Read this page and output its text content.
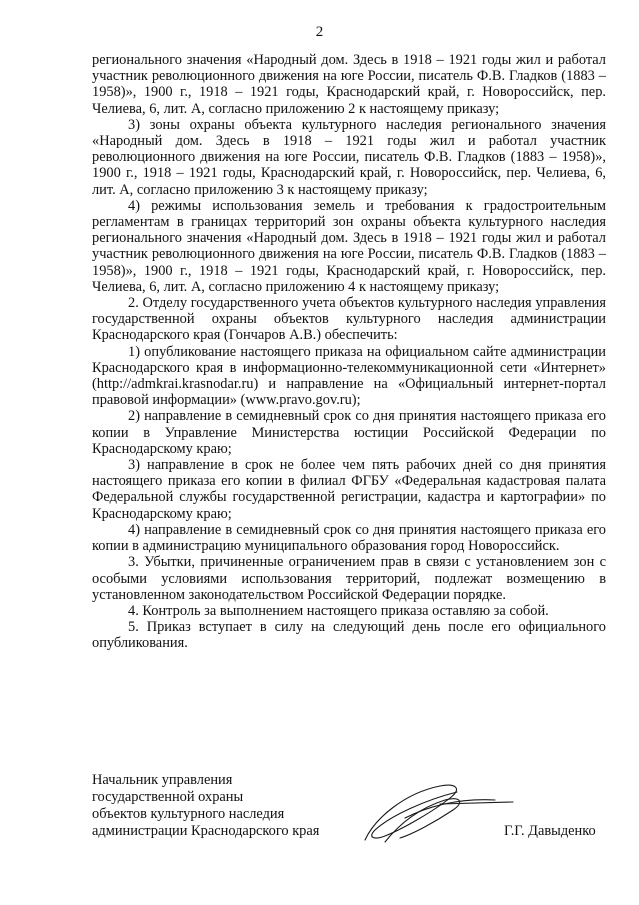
2

регионального значения «Народный дом. Здесь в 1918 – 1921 годы жил и работал участник революционного движения на юге России, писатель Ф.В. Гладков (1883 – 1958)», 1900 г., 1918 – 1921 годы, Краснодарский край, г. Новороссийск, пер. Челиева, 6, лит. А, согласно приложению 2 к настоящему приказу;

3) зоны охраны объекта культурного наследия регионального значения «Народный дом. Здесь в 1918 – 1921 годы жил и работал участник революционного движения на юге России, писатель Ф.В. Гладков (1883 – 1958)», 1900 г., 1918 – 1921 годы, Краснодарский край, г. Новороссийск, пер. Челиева, 6, лит. А, согласно приложению 3 к настоящему приказу;

4) режимы использования земель и требования к градостроительным регламентам в границах территорий зон охраны объекта культурного наследия регионального значения «Народный дом. Здесь в 1918 – 1921 годы жил и работал участник революционного движения на юге России, писатель Ф.В. Гладков (1883 – 1958)», 1900 г., 1918 – 1921 годы, Краснодарский край, г. Новороссийск, пер. Челиева, 6, лит. А, согласно приложению 4 к настоящему приказу;

2. Отделу государственного учета объектов культурного наследия управления государственной охраны объектов культурного наследия администрации Краснодарского края (Гончаров А.В.) обеспечить:

1) опубликование настоящего приказа на официальном сайте администрации Краснодарского края в информационно-телекоммуникационной сети «Интернет» (http://admkrai.krasnodar.ru) и направление на «Официальный интернет-портал правовой информации» (www.pravo.gov.ru);

2) направление в семидневный срок со дня принятия настоящего приказа его копии в Управление Министерства юстиции Российской Федерации по Краснодарскому краю;

3) направление в срок не более чем пять рабочих дней со дня принятия настоящего приказа его копии в филиал ФГБУ «Федеральная кадастровая палата Федеральной службы государственной регистрации, кадастра и картографии» по Краснодарскому краю;

4) направление в семидневный срок со дня принятия настоящего приказа его копии в администрацию муниципального образования город Новороссийск.

3. Убытки, причиненные ограничением прав в связи с установлением зон с особыми условиями использования территорий, подлежат возмещению в установленном законодательством Российской Федерации порядке.

4. Контроль за выполнением настоящего приказа оставляю за собой.

5. Приказ вступает в силу на следующий день после его официального опубликования.

Начальник управления
государственной охраны
объектов культурного наследия
администрации Краснодарского края	Г.Г. Давыденко
